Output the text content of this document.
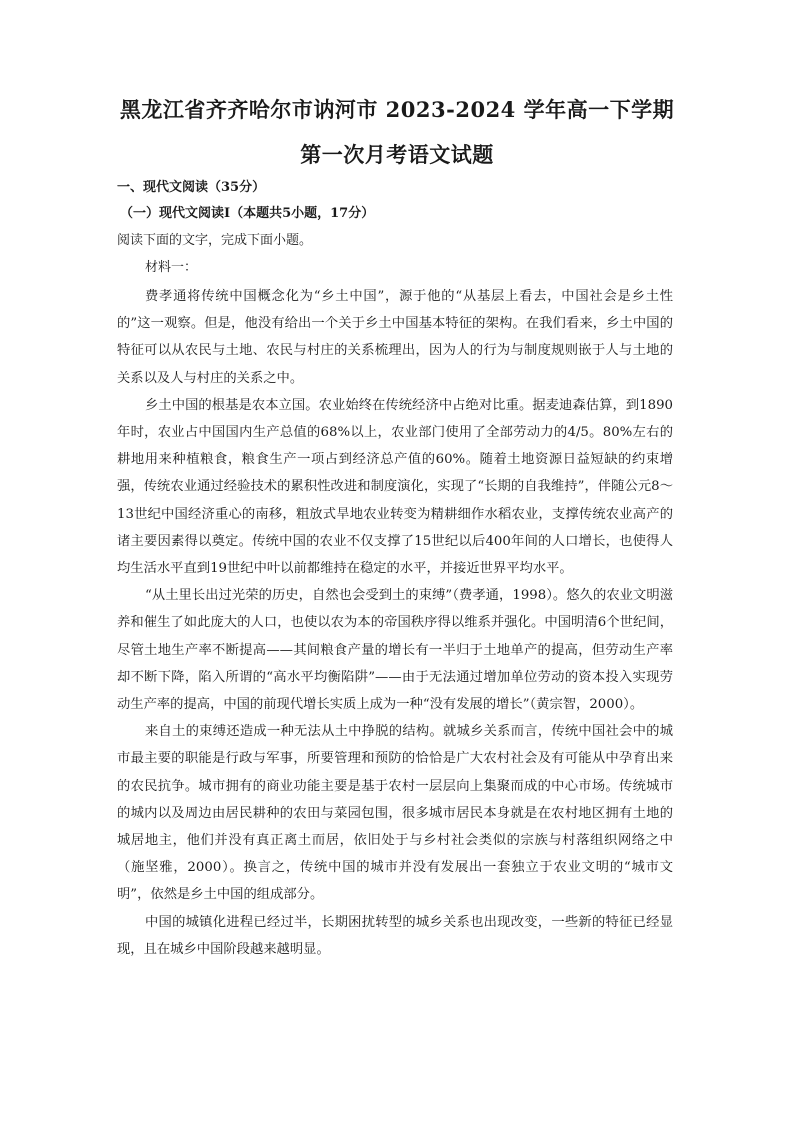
黑龙江省齐齐哈尔市讷河市 2023-2024 学年高一下学期
第一次月考语文试题
一、现代文阅读（35分）
（一）现代文阅读Ⅰ（本题共5小题，17分）
阅读下面的文字，完成下面小题。
材料一：

费孝通将传统中国概念化为“乡土中国”，源于他的“从基层上看去，中国社会是乡土性的”这一观察。但是，他没有给出一个关于乡土中国基本特征的架构。在我们看来，乡土中国的特征可以从农民与土地、农民与村庄的关系梳理出，因为人的行为与制度规则嵌于人与土地的关系以及人与村庄的关系之中。

乡土中国的根基是农本立国。农业始终在传统经济中占绝对比重。据麦迪森估算，到1890年时，农业占中国国内生产总值的68%以上，农业部门使用了全部劳动力的4/5。80%左右的耕地用来种植粮食，粮食生产一项占到经济总产值的60%。随着土地资源日益短缺的约束增强，传统农业通过经验技术的累积性改进和制度演化，实现了“长期的自我维持”，伴随公元8～13世纪中国经济重心的南移，粗放式旱地农业转变为精耕细作水稻农业，支撑传统农业高产的诸主要因素得以奠定。传统中国的农业不仅支撑了15世纪以后400年间的人口增长，也使得人均生活水平直到19世纪中叶以前都维持在稳定的水平，并接近世界平均水平。

“从土里长出过光荣的历史，自然也会受到土的束缚”（费孝通，1998）。悠久的农业文明滋养和催生了如此庞大的人口，也使以农为本的帝国秩序得以维系并强化。中国明清6个世纪间，尽管土地生产率不断提高——其间粮食产量的增长有一半归于土地单产的提高，但劳动生产率却不断下降，陷入所谓的“高水平均衡陷阱”——由于无法通过增加单位劳动的资本投入实现劳动生产率的提高，中国的前现代增长实质上成为一种“没有发展的增长”（黄宗智，2000）。

来自土的束缚还造成一种无法从土中挣脱的结构。就城乡关系而言，传统中国社会中的城市最主要的职能是行政与军事，所要管理和预防的恰恰是广大农村社会及有可能从中孕育出来的农民抗争。城市拥有的商业功能主要是基于农村一层层向上集聚而成的中心市场。传统城市的城内以及周边由居民耕种的农田与菜园包围，很多城市居民本身就是在农村地区拥有土地的城居地主，他们并没有真正离土而居，依旧处于与乡村社会类似的宗族与村落组织网络之中（施坚雅，2000）。换言之，传统中国的城市并没有发展出一套独立于农业文明的“城市文明”，依然是乡土中国的组成部分。

中国的城镇化进程已经过半，长期困扰转型的城乡关系也出现改变，一些新的特征已经显现，且在城乡中国阶段越来越明显。
